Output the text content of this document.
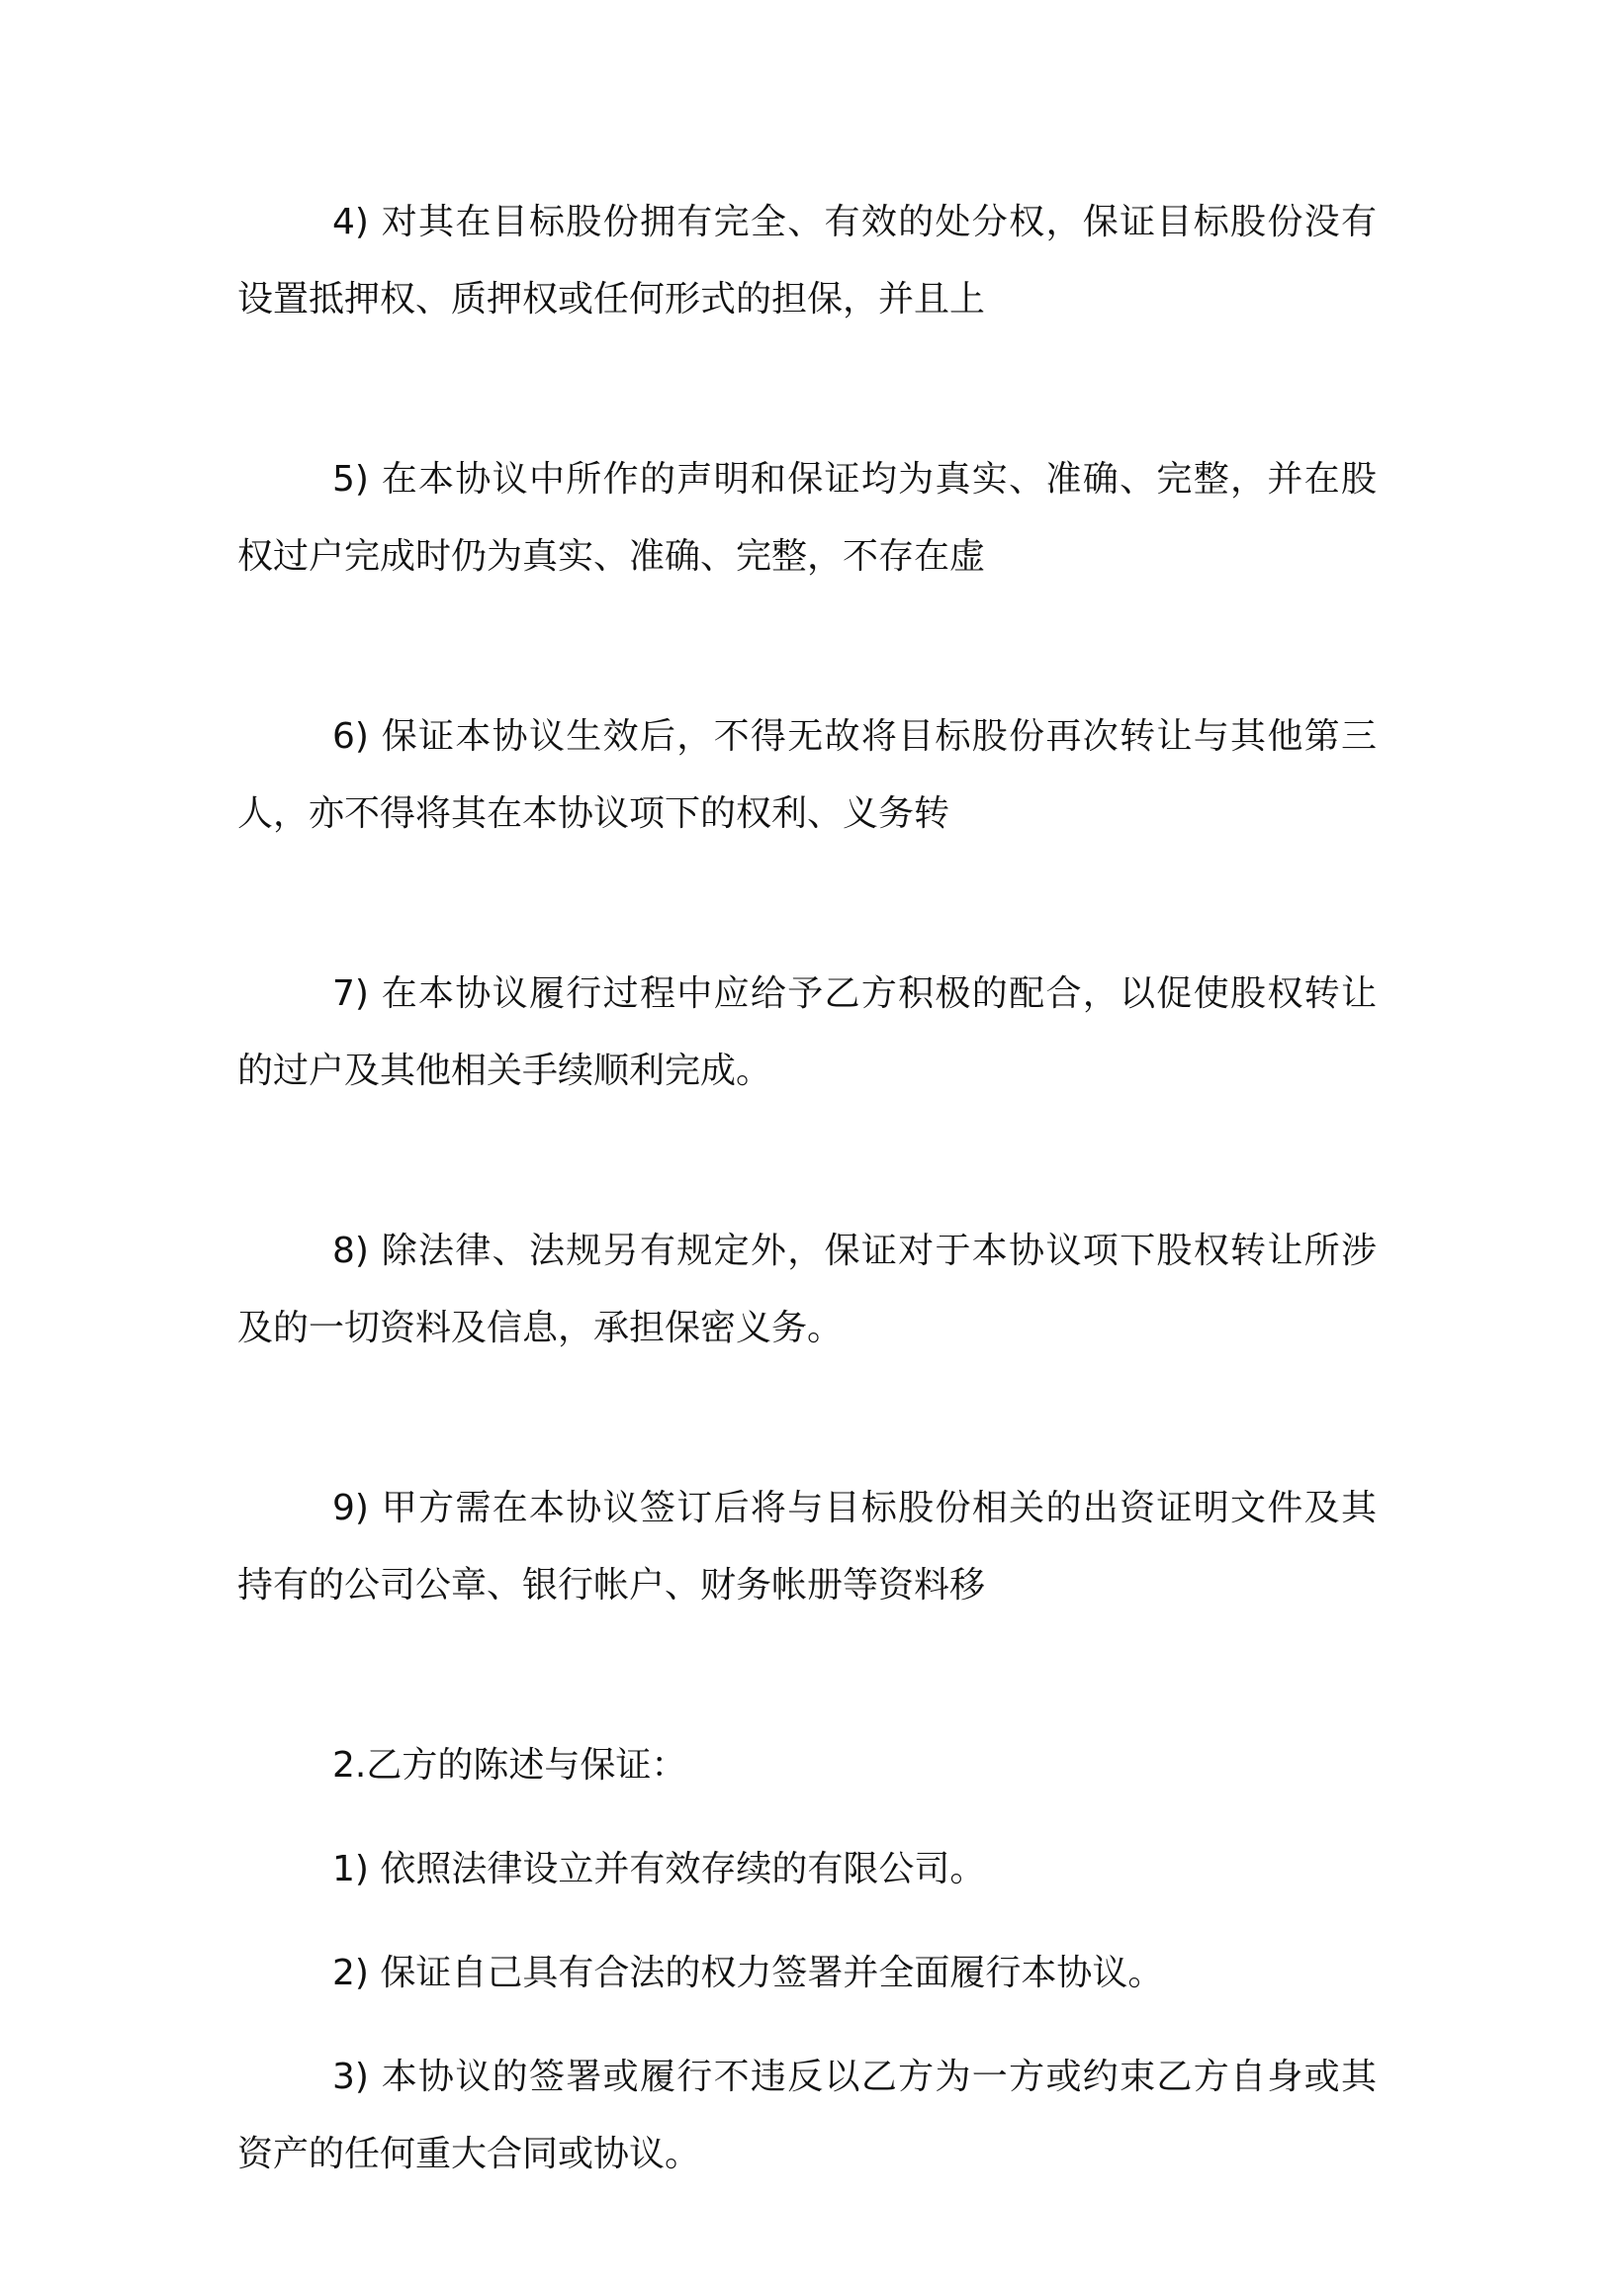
4) 对其在目标股份拥有完全、有效的处分权，保证目标股份没有设置抵押权、质押权或任何形式的担保，并且上

5) 在本协议中所作的声明和保证均为真实、准确、完整，并在股权过户完成时仍为真实、准确、完整，不存在虚

6) 保证本协议生效后，不得无故将目标股份再次转让与其他第三人，亦不得将其在本协议项下的权利、义务转

7) 在本协议履行过程中应给予乙方积极的配合，以促使股权转让的过户及其他相关手续顺利完成。

8) 除法律、法规另有规定外，保证对于本协议项下股权转让所涉及的一切资料及信息，承担保密义务。

9) 甲方需在本协议签订后将与目标股份相关的出资证明文件及其持有的公司公章、银行帐户、财务帐册等资料移

2.乙方的陈述与保证：

1) 依照法律设立并有效存续的有限公司。

2) 保证自己具有合法的权力签署并全面履行本协议。

3) 本协议的签署或履行不违反以乙方为一方或约束乙方自身或其资产的任何重大合同或协议。
